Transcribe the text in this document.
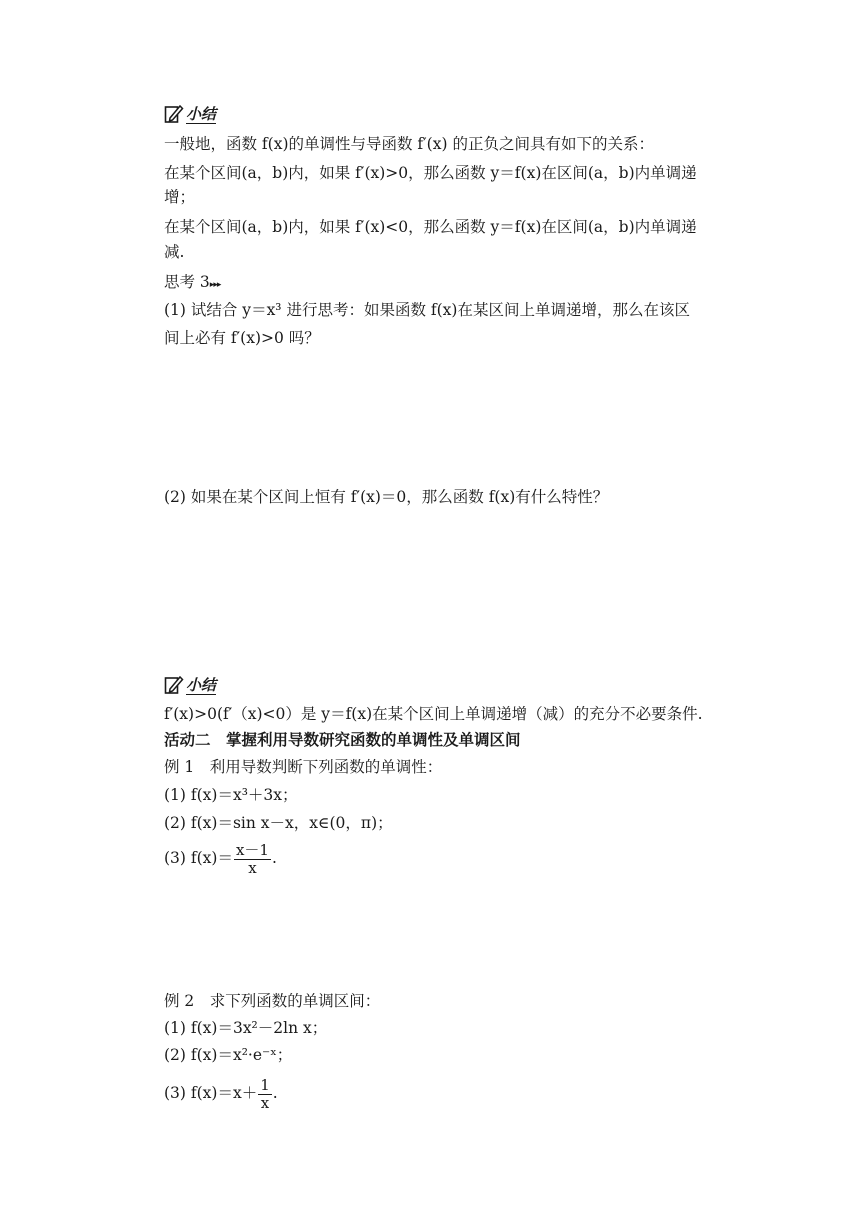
小结
一般地，函数 f(x)的单调性与导函数 f′(x) 的正负之间具有如下的关系：
在某个区间(a，b)内，如果 f′(x)>0，那么函数 y＝f(x)在区间(a，b)内单调递
增；
在某个区间(a，b)内，如果 f′(x)<0，那么函数 y＝f(x)在区间(a，b)内单调递
减.
思考 3▸▸▸
(1) 试结合 y＝x³ 进行思考：如果函数 f(x)在某区间上单调递增，那么在该区
间上必有 f′(x)>0 吗？
(2) 如果在某个区间上恒有 f′(x)＝0，那么函数 f(x)有什么特性？
小结
f′(x)>0(f′（x)<0）是 y＝f(x)在某个区间上单调递增（减）的充分不必要条件.
活动二　掌握利用导数研究函数的单调性及单调区间
例 1　利用导数判断下列函数的单调性：
(1) f(x)＝x³＋3x；
(2) f(x)＝sin x－x，x∈(0，π)；
(3) $f(x)= \frac{x-1}{x}$ .
例 2　求下列函数的单调区间：
(1) f(x)＝3x²－2ln x；
(2) f(x)＝x²·e⁻ˣ；
(3) $f(x)=x+ \frac{1}{x}$ .
